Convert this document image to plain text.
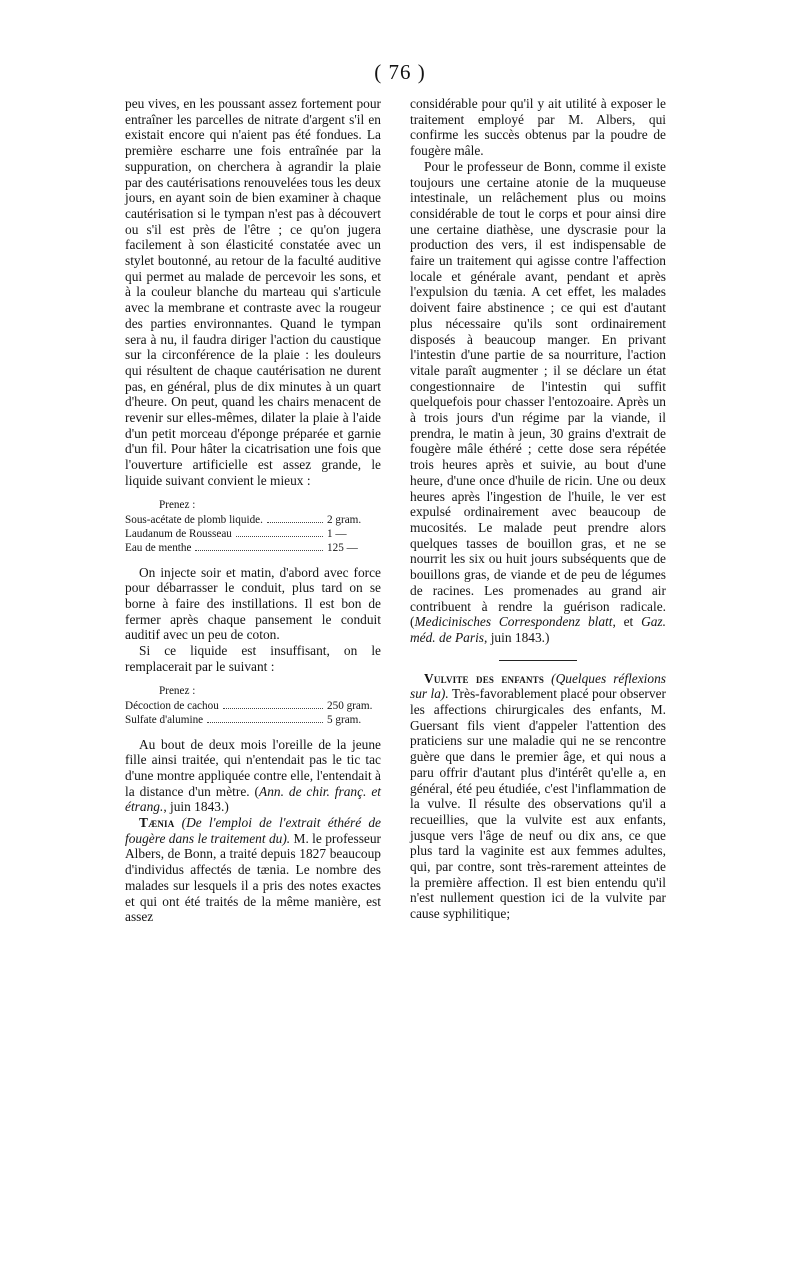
( 76 )

peu vives, en les poussant assez fortement pour entraîner les parcelles de nitrate d'argent s'il en existait encore qui n'aient pas été fondues. La première escharre une fois entraînée par la suppuration, on cherchera à agrandir la plaie par des cautérisations renouvelées tous les deux jours, en ayant soin de bien examiner à chaque cautérisation si le tympan n'est pas à découvert ou s'il est près de l'être ; ce qu'on jugera facilement à son élasticité constatée avec un stylet boutonné, au retour de la faculté auditive qui permet au malade de percevoir les sons, et à la couleur blanche du marteau qui s'articule avec la membrane et contraste avec la rougeur des parties environnantes. Quand le tympan sera à nu, il faudra diriger l'action du caustique sur la circonférence de la plaie : les douleurs qui résultent de chaque cautérisation ne durent pas, en général, plus de dix minutes à un quart d'heure. On peut, quand les chairs menacent de revenir sur elles-mêmes, dilater la plaie à l'aide d'un petit morceau d'éponge préparée et garnie d'un fil. Pour hâter la cicatrisation une fois que l'ouverture artificielle est assez grande, le liquide suivant convient le mieux :

Prenez :
Sous-acétate de plomb liquide.	2 gram.
Laudanum de Rousseau	1 —
Eau de menthe	125 —

On injecte soir et matin, d'abord avec force pour débarrasser le conduit, plus tard on se borne à faire des instillations. Il est bon de fermer après chaque pansement le conduit auditif avec un peu de coton.

Si ce liquide est insuffisant, on le remplacerait par le suivant :

Prenez :
Décoction de cachou	250 gram.
Sulfate d'alumine	5 gram.

Au bout de deux mois l'oreille de la jeune fille ainsi traitée, qui n'entendait pas le tic tac d'une montre appliquée contre elle, l'entendait à la distance d'un mètre. (Ann. de chir. franç. et étrang., juin 1843.)

Tænia (De l'emploi de l'extrait éthéré de fougère dans le traitement du). M. le professeur Albers, de Bonn, a traité depuis 1827 beaucoup d'individus affectés de tænia. Le nombre des malades sur lesquels il a pris des notes exactes et qui ont été traités de la même manière, est assez

considérable pour qu'il y ait utilité à exposer le traitement employé par M. Albers, qui confirme les succès obtenus par la poudre de fougère mâle.

Pour le professeur de Bonn, comme il existe toujours une certaine atonie de la muqueuse intestinale, un relâchement plus ou moins considérable de tout le corps et pour ainsi dire une certaine diathèse, une dyscrasie pour la production des vers, il est indispensable de faire un traitement qui agisse contre l'affection locale et générale avant, pendant et après l'expulsion du tænia. A cet effet, les malades doivent faire abstinence ; ce qui est d'autant plus nécessaire qu'ils sont ordinairement disposés à beaucoup manger. En privant l'intestin d'une partie de sa nourriture, l'action vitale paraît augmenter ; il se déclare un état congestionnaire de l'intestin qui suffit quelquefois pour chasser l'entozoaire. Après un à trois jours d'un régime par la viande, il prendra, le matin à jeun, 30 grains d'extrait de fougère mâle éthéré ; cette dose sera répétée trois heures après et suivie, au bout d'une heure, d'une once d'huile de ricin. Une ou deux heures après l'ingestion de l'huile, le ver est expulsé ordinairement avec beaucoup de mucosités. Le malade peut prendre alors quelques tasses de bouillon gras, et ne se nourrit les six ou huit jours subséquents que de bouillons gras, de viande et de peu de légumes de racines. Les promenades au grand air contribuent à rendre la guérison radicale. (Medicinisches Correspondenz blatt, et Gaz. méd. de Paris, juin 1843.)

Vulvite des enfants (Quelques réflexions sur la). Très-favorablement placé pour observer les affections chirurgicales des enfants, M. Guersant fils vient d'appeler l'attention des praticiens sur une maladie qui ne se rencontre guère que dans le premier âge, et qui nous a paru offrir d'autant plus d'intérêt qu'elle a, en général, été peu étudiée, c'est l'inflammation de la vulve. Il résulte des observations qu'il a recueillies, que la vulvite est aux enfants, jusque vers l'âge de neuf ou dix ans, ce que plus tard la vaginite est aux femmes adultes, qui, par contre, sont très-rarement atteintes de la première affection. Il est bien entendu qu'il n'est nullement question ici de la vulvite par cause syphilitique;
